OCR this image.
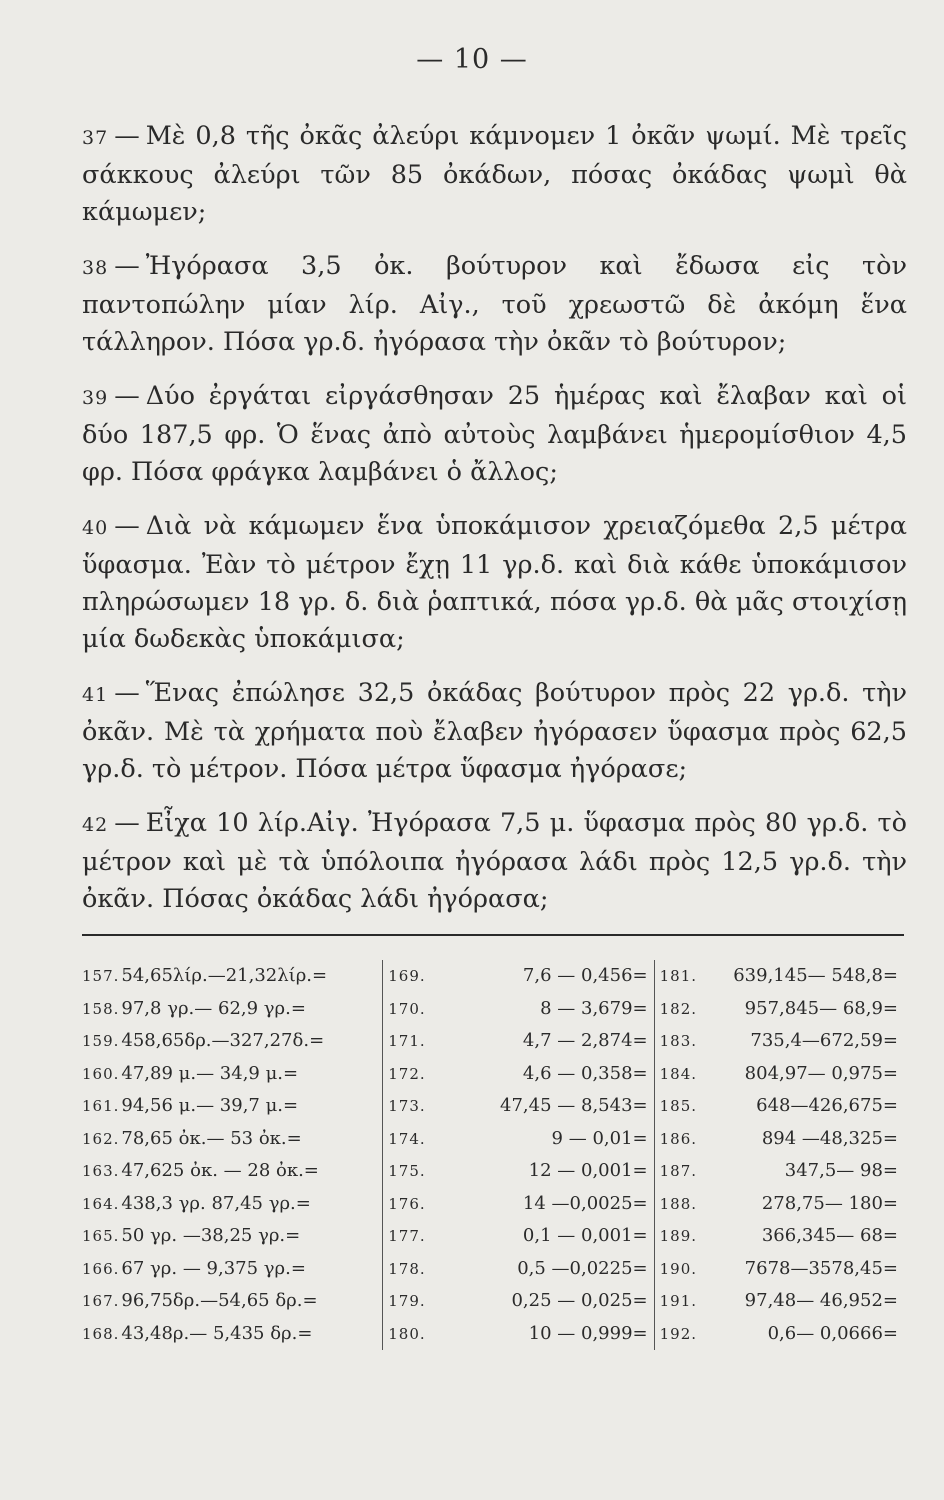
— 10 —

37 — Μὲ 0,8 τῆς ὀκᾶς ἀλεύρι κάμνομεν 1 ὀκᾶν ψωμί. Μὲ τρεῖς σάκκους ἀλεύρι τῶν 85 ὀκάδων, πόσας ὀκάδας ψωμὶ θὰ κάμωμεν;

38 — Ἠγόρασα 3,5 ὀκ. βούτυρον καὶ ἔδωσα εἰς τὸν παντοπώλην μίαν λίρ. Αἰγ., τοῦ χρεωστῶ δὲ ἀκόμη ἕνα τάλληρον. Πόσα γρ.δ. ἠγόρασα τὴν ὀκᾶν τὸ βούτυρον;

39 — Δύο ἐργάται εἰργάσθησαν 25 ἡμέρας καὶ ἔλαβαν καὶ οἱ δύο 187,5 φρ. Ὁ ἕνας ἀπὸ αὐτοὺς λαμβάνει ἡμερομίσθιον 4,5 φρ. Πόσα φράγκα λαμβάνει ὁ ἄλλος;

40 — Διὰ νὰ κάμωμεν ἕνα ὑποκάμισον χρειαζόμεθα 2,5 μέτρα ὕφασμα. Ἐὰν τὸ μέτρον ἔχῃ 11 γρ.δ. καὶ διὰ κάθε ὑποκάμισον πληρώσωμεν 18 γρ. δ. διὰ ῥαπτικά, πόσα γρ.δ. θὰ μᾶς στοιχίσῃ μία δωδεκὰς ὑποκάμισα;

41 — Ἕνας ἐπώλησε 32,5 ὀκάδας βούτυρον πρὸς 22 γρ.δ. τὴν ὀκᾶν. Μὲ τὰ χρήματα ποὺ ἔλαβεν ἠγόρασεν ὕφασμα πρὸς 62,5 γρ.δ. τὸ μέτρον. Πόσα μέτρα ὕφασμα ἠγόρασε;

42 — Εἶχα 10 λίρ.Αἰγ. Ἠγόρασα 7,5 μ. ὕφασμα πρὸς 80 γρ.δ. τὸ μέτρον καὶ μὲ τὰ ὑπόλοιπα ἠγόρασα λάδι πρὸς 12,5 γρ.δ. τὴν ὀκᾶν. Πόσας ὀκάδας λάδι ἠγόρασα;

157. 54,65λίρ.—21,32λίρ.=
158. 97,8 γρ.— 62,9 γρ.=
159. 458,65δρ.—327,27δ.=
160. 47,89 μ.— 34,9 μ.=
161. 94,56 μ.— 39,7 μ.=
162. 78,65 ὀκ.— 53 ὀκ.=
163. 47,625 ὀκ. — 28 ὀκ.=
164. 438,3 γρ. 87,45 γρ.=
165. 50 γρ. —38,25 γρ.=
166. 67 γρ. — 9,375 γρ.=
167. 96,75δρ.—54,65 δρ.=
168. 43,48ρ.— 5,435 δρ.=
169.	7,6 — 0,456=
170.	8 — 3,679=
171.	4,7 — 2,874=
172.	4,6 — 0,358=
173.	47,45 — 8,543=
174.	9 — 0,01=
175.	12 — 0,001=
176.	14 —0,0025=
177.	0,1 — 0,001=
178.	0,5 —0,0225=
179.	0,25 — 0,025=
180.	10 — 0,999=
181.	639,145— 548,8=
182.	957,845— 68,9=
183.	735,4—672,59=
184.	804,97— 0,975=
185.	648—426,675=
186.	894 —48,325=
187.	347,5— 98=
188.	278,75— 180=
189.	366,345— 68=
190.	7678—3578,45=
191.	97,48— 46,952=
192.	0,6— 0,0666=
